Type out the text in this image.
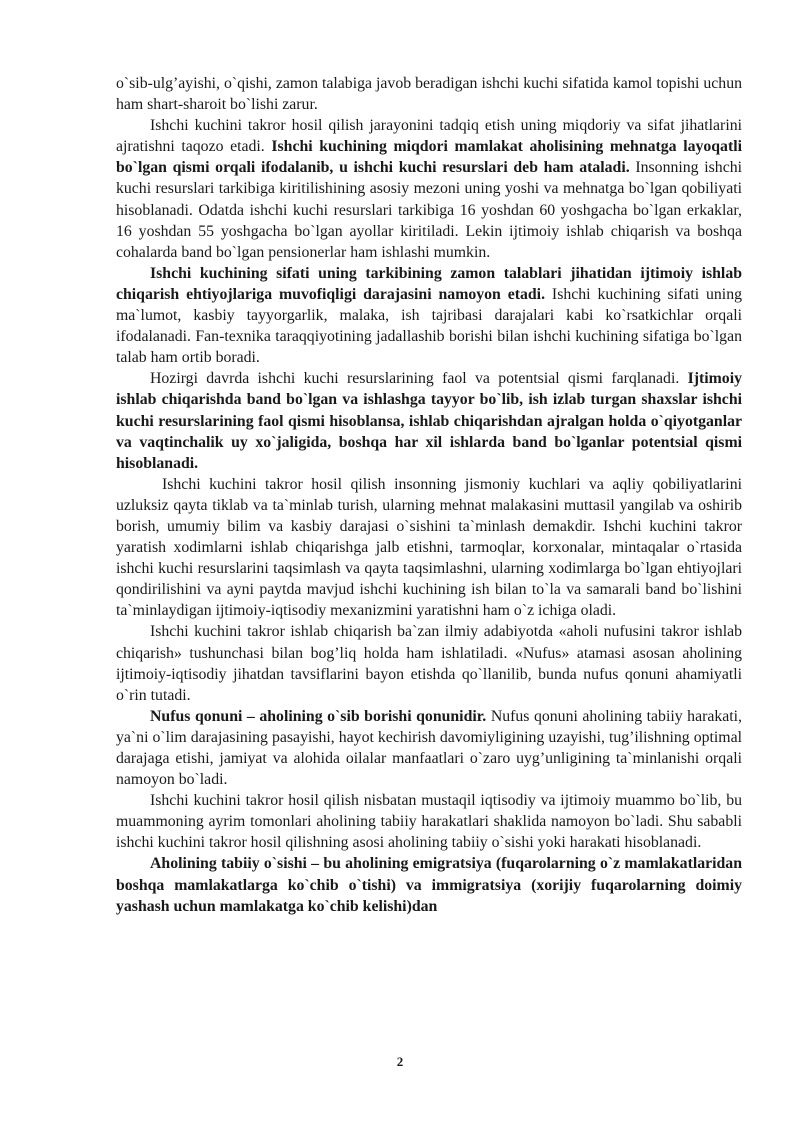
o`sib-ulg’ayishi, o`qishi, zamon talabiga javob beradigan ishchi kuchi sifatida kamol topishi uchun ham shart-sharoit bo`lishi zarur.

Ishchi kuchini takror hosil qilish jarayonini tadqiq etish uning miqdoriy va sifat jihatlarini ajratishni taqozo etadi. Ishchi kuchining miqdori mamlakat aholisining mehnatga layoqatli bo`lgan qismi orqali ifodalanib, u ishchi kuchi resurslari deb ham ataladi. Insonning ishchi kuchi resurslari tarkibiga kiritilishining asosiy mezoni uning yoshi va mehnatga bo`lgan qobiliyati hisoblanadi. Odatda ishchi kuchi resurslari tarkibiga 16 yoshdan 60 yoshgacha bo`lgan erkaklar, 16 yoshdan 55 yoshgacha bo`lgan ayollar kiritiladi. Lekin ijtimoiy ishlab chiqarish va boshqa cohalarda band bo`lgan pensionerlar ham ishlashi mumkin.

Ishchi kuchining sifati uning tarkibining zamon talablari jihatidan ijtimoiy ishlab chiqarish ehtiyojlariga muvofiqligi darajasini namoyon etadi. Ishchi kuchining sifati uning ma`lumot, kasbiy tayyorgarlik, malaka, ish tajribasi darajalari kabi ko`rsatkichlar orqali ifodalanadi. Fan-texnika taraqqiyotining jadallashib borishi bilan ishchi kuchining sifatiga bo`lgan talab ham ortib boradi.

Hozirgi davrda ishchi kuchi resurslarining faol va potentsial qismi farqlanadi. Ijtimoiy ishlab chiqarishda band bo`lgan va ishlashga tayyor bo`lib, ish izlab turgan shaxslar ishchi kuchi resurslarining faol qismi hisoblansa, ishlab chiqarishdan ajralgan holda o`qiyotganlar va vaqtinchalik uy xo`jaligida, boshqa har xil ishlarda band bo`lganlar potentsial qismi hisoblanadi.

Ishchi kuchini takror hosil qilish insonning jismoniy kuchlari va aqliy qobiliyatlarini uzluksiz qayta tiklab va ta`minlab turish, ularning mehnat malakasini muttasil yangilab va oshirib borish, umumiy bilim va kasbiy darajasi o`sishini ta`minlash demakdir. Ishchi kuchini takror yaratish xodimlarni ishlab chiqarishga jalb etishni, tarmoqlar, korxonalar, mintaqalar o`rtasida ishchi kuchi resurslarini taqsimlash va qayta taqsimlashni, ularning xodimlarga bo`lgan ehtiyojlari qondirilishini va ayni paytda mavjud ishchi kuchining ish bilan to`la va samarali band bo`lishini ta`minlaydigan ijtimoiy-iqtisodiy mexanizmini yaratishni ham o`z ichiga oladi.

Ishchi kuchini takror ishlab chiqarish ba`zan ilmiy adabiyotda «aholi nufusini takror ishlab chiqarish» tushunchasi bilan bog’liq holda ham ishlatiladi. «Nufus» atamasi asosan aholining ijtimoiy-iqtisodiy jihatdan tavsiflarini bayon etishda qo`llanilib, bunda nufus qonuni ahamiyatli o`rin tutadi.

Nufus qonuni – aholining o`sib borishi qonunidir. Nufus qonuni aholining tabiiy harakati, ya`ni o`lim darajasining pasayishi, hayot kechirish davomiyligining uzayishi, tug’ilishning optimal darajaga etishi, jamiyat va alohida oilalar manfaatlari o`zaro uyg’unligining ta`minlanishi orqali namoyon bo`ladi.

Ishchi kuchini takror hosil qilish nisbatan mustaqil iqtisodiy va ijtimoiy muammo bo`lib, bu muammoning ayrim tomonlari aholining tabiiy harakatlari shaklida namoyon bo`ladi. Shu sababli ishchi kuchini takror hosil qilishning asosi aholining tabiiy o`sishi yoki harakati hisoblanadi.

Aholining tabiiy o`sishi – bu aholining emigratsiya (fuqarolarning o`z mamlakatlaridan boshqa mamlakatlarga ko`chib o`tishi) va immigratsiya (xorijiy fuqarolarning doimiy yashash uchun mamlakatga ko`chib kelishi)dan

2
